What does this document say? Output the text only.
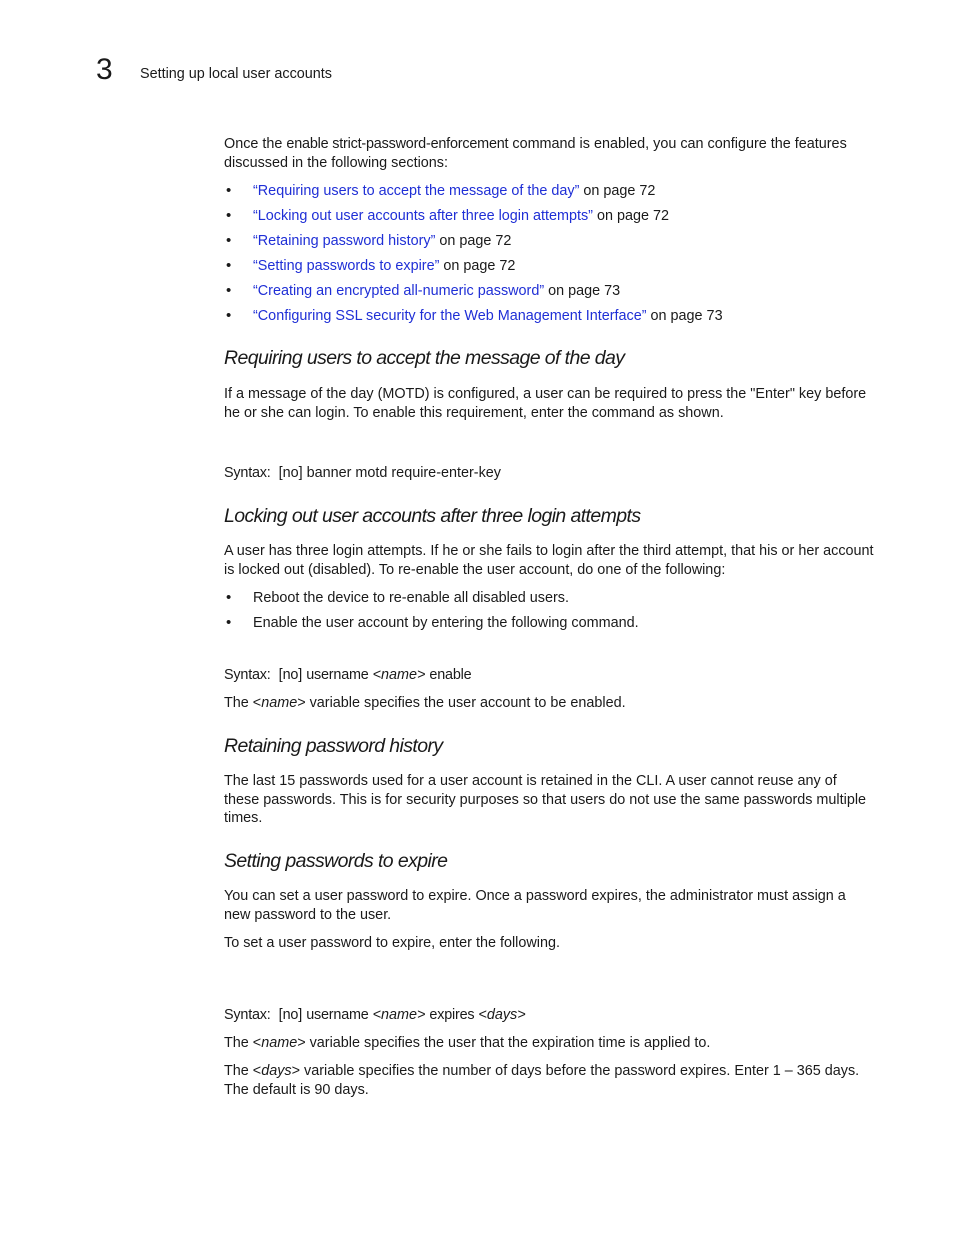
3 Setting up local user accounts

Once the enable strict-password-enforcement command is enabled, you can configure the features discussed in the following sections:

• “Requiring users to accept the message of the day” on page 72
• “Locking out user accounts after three login attempts” on page 72
• “Retaining password history” on page 72
• “Setting passwords to expire” on page 72
• “Creating an encrypted all-numeric password” on page 73
• “Configuring SSL security for the Web Management Interface” on page 73
Requiring users to accept the message of the day

If a message of the day (MOTD) is configured, a user can be required to press the "Enter" key before he or she can login. To enable this requirement, enter the command as shown.

Syntax: [no] banner motd require-enter-key
Locking out user accounts after three login attempts

A user has three login attempts. If he or she fails to login after the third attempt, that his or her account is locked out (disabled). To re-enable the user account, do one of the following:

• Reboot the device to re-enable all disabled users.
• Enable the user account by entering the following command.
Syntax: [no] username <name> enable

The <name> variable specifies the user account to be enabled.

Retaining password history

The last 15 passwords used for a user account is retained in the CLI. A user cannot reuse any of these passwords. This is for security purposes so that users do not use the same passwords multiple times.

Setting passwords to expire

You can set a user password to expire. Once a password expires, the administrator must assign a new password to the user.

To set a user password to expire, enter the following.

Syntax: [no] username <name> expires <days>

The <name> variable specifies the user that the expiration time is applied to.

The <days> variable specifies the number of days before the password expires. Enter 1 – 365 days. The default is 90 days.
